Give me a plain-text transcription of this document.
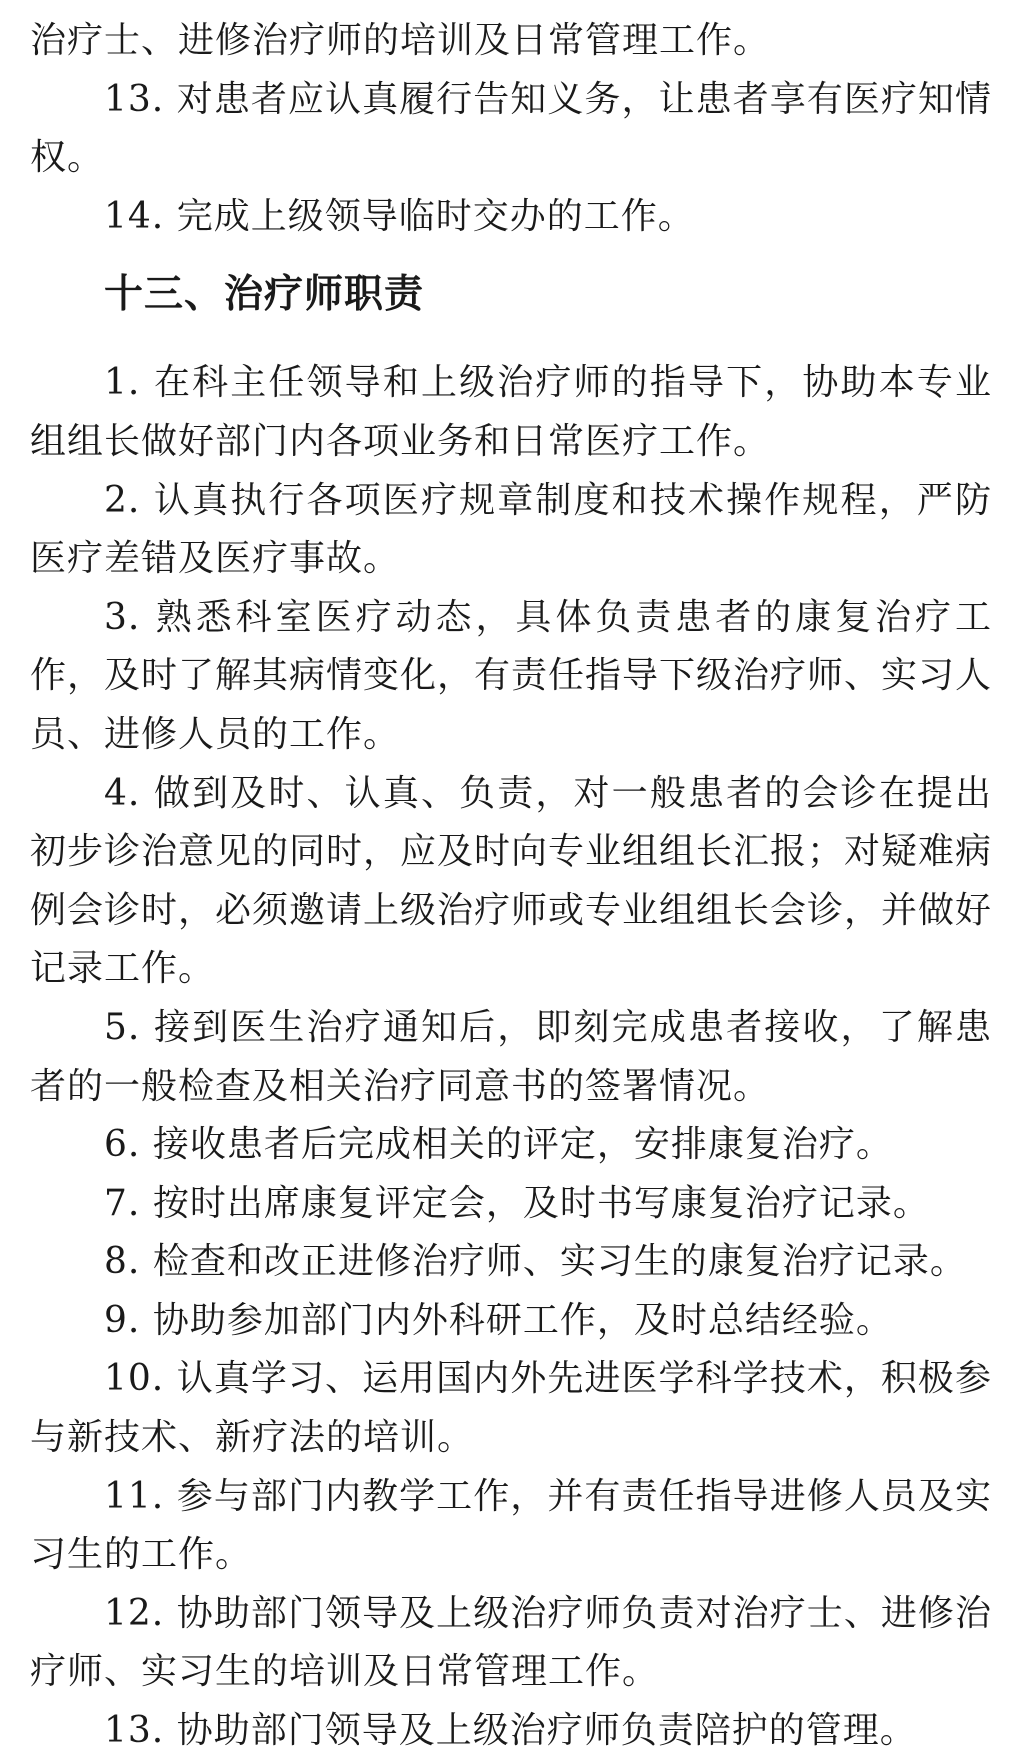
治疗士、进修治疗师的培训及日常管理工作。

13. 对患者应认真履行告知义务，让患者享有医疗知情权。

14. 完成上级领导临时交办的工作。

十三、治疗师职责

1. 在科主任领导和上级治疗师的指导下，协助本专业组组长做好部门内各项业务和日常医疗工作。

2. 认真执行各项医疗规章制度和技术操作规程，严防医疗差错及医疗事故。

3. 熟悉科室医疗动态，具体负责患者的康复治疗工作，及时了解其病情变化，有责任指导下级治疗师、实习人员、进修人员的工作。

4. 做到及时、认真、负责，对一般患者的会诊在提出初步诊治意见的同时，应及时向专业组组长汇报；对疑难病例会诊时，必须邀请上级治疗师或专业组组长会诊，并做好记录工作。

5. 接到医生治疗通知后，即刻完成患者接收，了解患者的一般检查及相关治疗同意书的签署情况。

6. 接收患者后完成相关的评定，安排康复治疗。

7. 按时出席康复评定会，及时书写康复治疗记录。

8. 检查和改正进修治疗师、实习生的康复治疗记录。

9. 协助参加部门内外科研工作，及时总结经验。

10. 认真学习、运用国内外先进医学科学技术，积极参与新技术、新疗法的培训。

11. 参与部门内教学工作，并有责任指导进修人员及实习生的工作。

12. 协助部门领导及上级治疗师负责对治疗士、进修治疗师、实习生的培训及日常管理工作。

13. 协助部门领导及上级治疗师负责陪护的管理。
